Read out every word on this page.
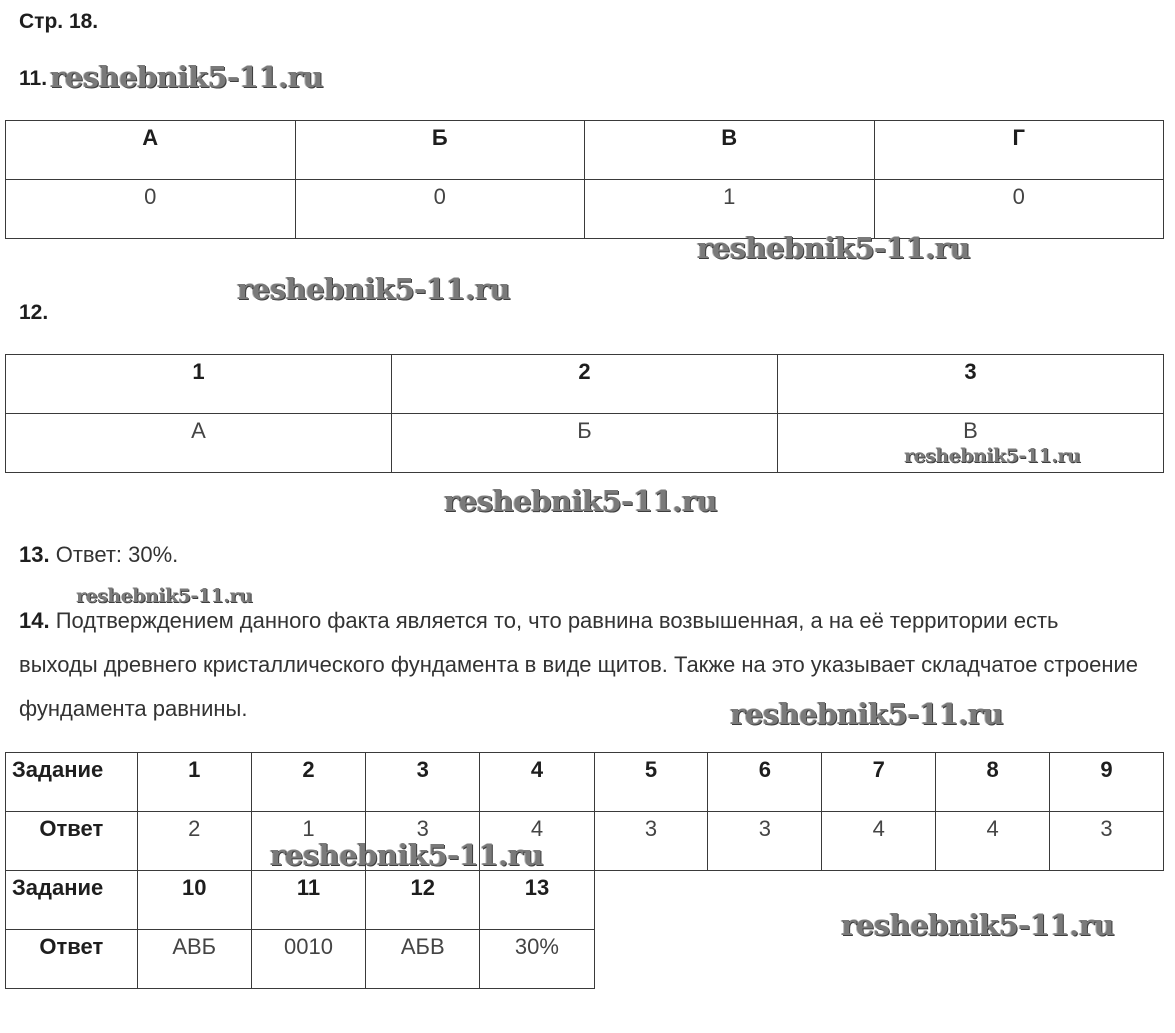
Стр. 18.
11. reshebnik5-11.ru
А	Б	В	Г
0	0	1	0
reshebnik5-11.ru
reshebnik5-11.ru
12.
1	2	3
А	Б	В
reshebnik5-11.ru
reshebnik5-11.ru
13. Ответ: 30%.
reshebnik5-11.ru
14. Подтверждением данного факта является то, что равнина возвышенная, а на её территории есть выходы древнего кристаллического фундамента в виде щитов. Также на это указывает складчатое строение фундамента равнины.	reshebnik5-11.ru
Задание	1	2	3	4	5	6	7	8	9
Ответ	2	1	3	4	3	3	4	4	3
Задание	10	11	12	13					
Ответ	АВБ	0010	АБВ	30%					
reshebnik5-11.ru
reshebnik5-11.ru
